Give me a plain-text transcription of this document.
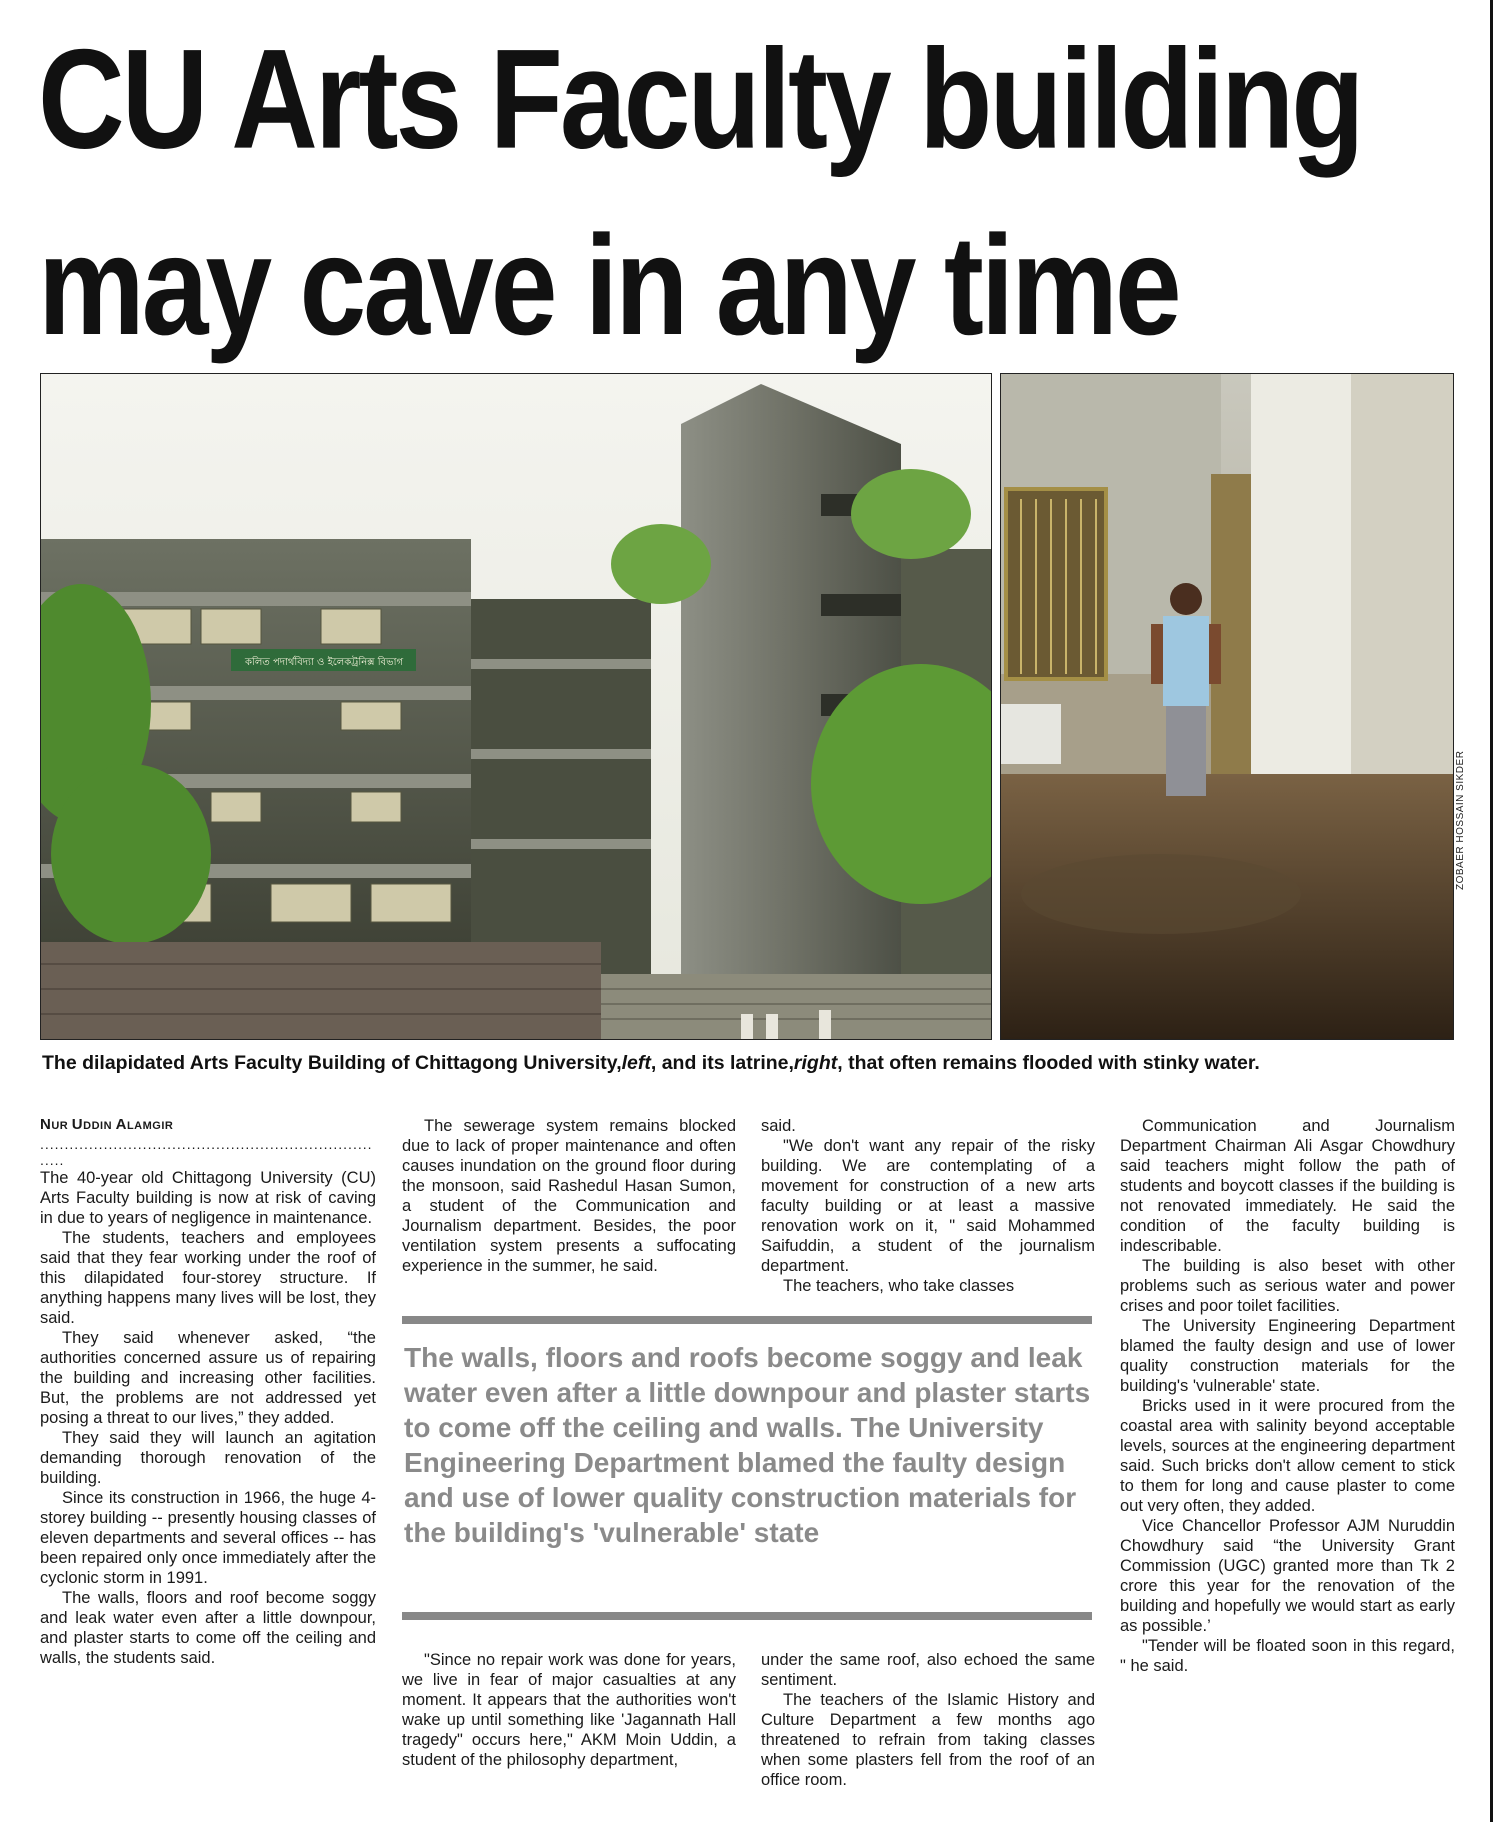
CU Arts Faculty building
may cave in any time
কলিত পদার্থবিদ্যা ও ইলেকট্রনিক্স বিভাগ
ZOBAER HOSSAIN SIKDER
The dilapidated Arts Faculty Building of Chittagong University,left, and its latrine,right, that often remains flooded with stinky water.

NUR UDDIN ALAMGIR

....................................................................

.....

The 40-year old Chittagong University (CU) Arts Faculty building is now at risk of caving in due to years of negligence in maintenance.

The students, teachers and employees said that they fear working under the roof of this dilapidated four-storey structure. If anything happens many lives will be lost, they said.

They said whenever asked, “the authorities concerned assure us of repairing the building and increasing other facilities. But, the problems are not addressed yet posing a threat to our lives,” they added.

They said they will launch an agitation demanding thorough renovation of the building.

Since its construction in 1966, the huge 4-storey building -- presently housing classes of eleven departments and several offices -- has been repaired only once immediately after the cyclonic storm in 1991.

The walls, floors and roof become soggy and leak water even after a little downpour, and plaster starts to come off the ceiling and walls, the students said.

The sewerage system remains blocked due to lack of proper maintenance and often causes inundation on the ground floor during the monsoon, said Rashedul Hasan Sumon, a student of the Communication and Journalism department. Besides, the poor ventilation system presents a suffocating experience in the summer, he said.

said.

"We don't want any repair of the risky building. We are contemplating of a movement for construction of a new arts faculty building or at least a massive renovation work on it, " said Mohammed Saifuddin, a student of the journalism department.

The teachers, who take classes

The walls, floors and roofs become soggy and leak water even after a little downpour and plaster starts to come off the ceiling and walls. The University Engineering Department blamed the faulty design and use of lower quality construction materials for the building's 'vulnerable' state

"Since no repair work was done for years, we live in fear of major casualties at any moment. It appears that the authorities won't wake up until something like 'Jagannath Hall tragedy" occurs here," AKM Moin Uddin, a student of the philosophy department,

under the same roof, also echoed the same sentiment.

The teachers of the Islamic History and Culture Department a few months ago threatened to refrain from taking classes when some plasters fell from the roof of an office room.

Communication and Journalism Department Chairman Ali Asgar Chowdhury said teachers might follow the path of students and boycott classes if the building is not renovated immediately. He said the condition of the faculty building is indescribable.

The building is also beset with other problems such as serious water and power crises and poor toilet facilities.

The University Engineering Department blamed the faulty design and use of lower quality construction materials for the building's 'vulnerable' state.

Bricks used in it were procured from the coastal area with salinity beyond acceptable levels, sources at the engineering department said. Such bricks don't allow cement to stick to them for long and cause plaster to come out very often, they added.

Vice Chancellor Professor AJM Nuruddin Chowdhury said “the University Grant Commission (UGC) granted more than Tk 2 crore this year for the renovation of the building and hopefully we would start as early as possible.’

"Tender will be floated soon in this regard, " he said.
